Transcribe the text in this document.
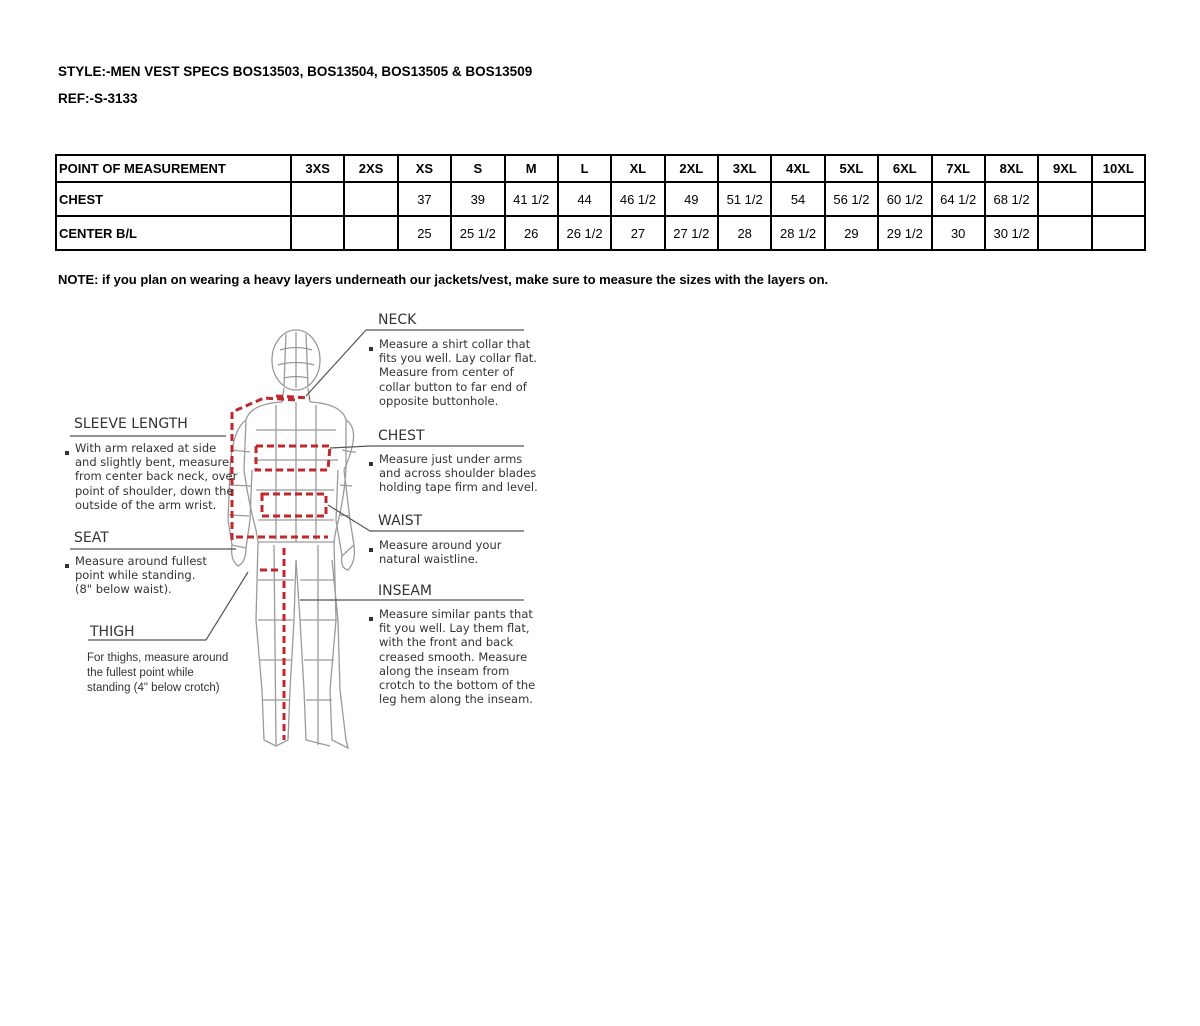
STYLE:-MEN VEST SPECS BOS13503, BOS13504, BOS13505 & BOS13509
REF:-S-3133
POINT OF MEASUREMENT	3XS	2XS	XS	S	M	L	XL	2XL	3XL	4XL	5XL	6XL	7XL	8XL	9XL	10XL
CHEST			37	39	41 1/2	44	46 1/2	49	51 1/2	54	56 1/2	60 1/2	64 1/2	68 1/2		
CENTER B/L			25	25 1/2	26	26 1/2	27	27 1/2	28	28 1/2	29	29 1/2	30	30 1/2		
NOTE: if you plan on wearing a heavy layers underneath our jackets/vest, make sure to measure the sizes with the layers on.
NECK
Measure a shirt collar that
fits you well. Lay collar flat.
Measure from center of
collar button to far end of
opposite buttonhole.
CHEST
Measure just under arms
and across shoulder blades
holding tape firm and level.
WAIST
Measure around your
natural waistline.
INSEAM
Measure similar pants that
fit you well. Lay them flat,
with the front and back
creased smooth. Measure
along the inseam from
crotch to the bottom of the
leg hem along the inseam.
SLEEVE LENGTH
With arm relaxed at side
and slightly bent, measure
from center back neck, over
point of shoulder, down the
outside of the arm wrist.
SEAT
Measure around fullest
point while standing.
(8" below waist).
THIGH
For thighs, measure around
the fullest point while
standing (4" below crotch)
